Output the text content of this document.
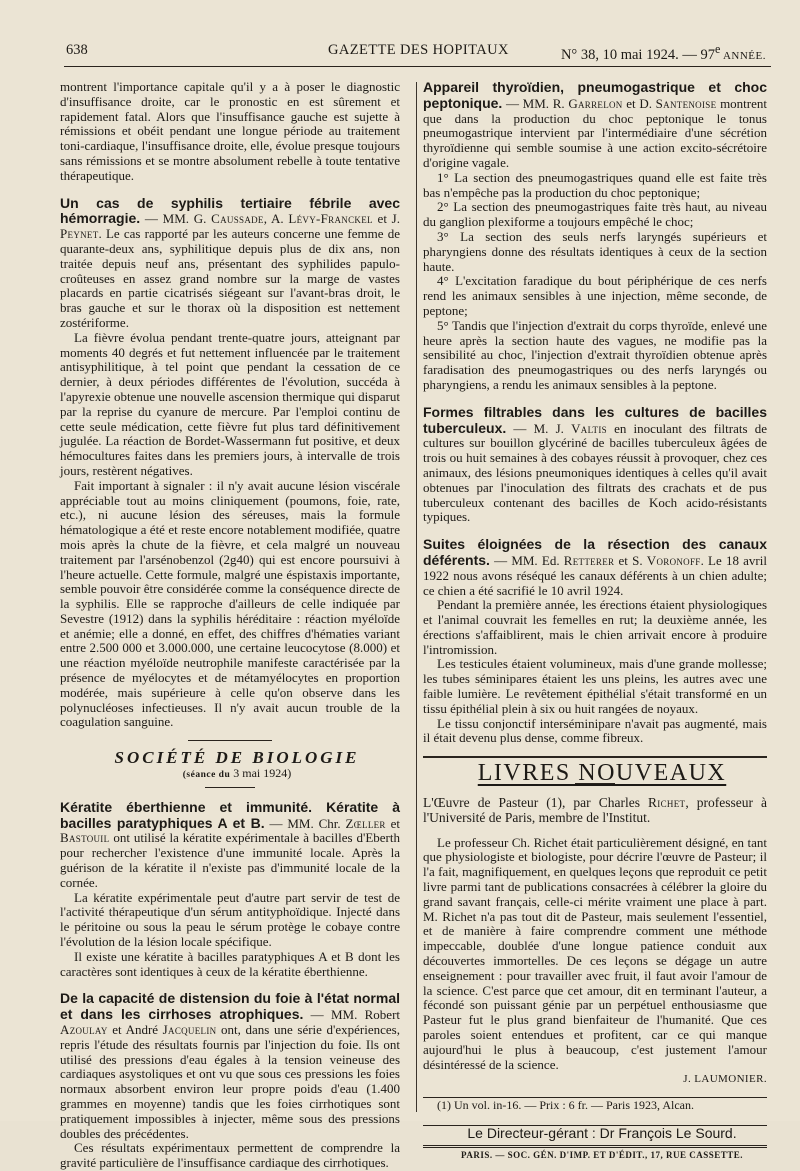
638	GAZETTE DES HOPITAUX	N° 38, 10 mai 1924. — 97e ANNÉE.

montrent l'importance capitale qu'il y a à poser le diagnostic d'insuffisance droite, car le pronostic en est sûrement et rapidement fatal. Alors que l'insuffisance gauche est sujette à rémissions et obéit pendant une longue période au traitement toni-cardiaque, l'insuffisance droite, elle, évolue presque toujours sans rémissions et se montre absolument rebelle à toute tentative thérapeutique.

Un cas de syphilis tertiaire fébrile avec hémorragie. — MM. G. Caussade, A. Lévy-Franckel et J. Peynet. Le cas rapporté par les auteurs concerne une femme de quarante-deux ans, syphilitique depuis plus de dix ans, non traitée depuis neuf ans, présentant des syphilides papulo-croûteuses en assez grand nombre sur la marge de vastes placards en partie cicatrisés siégeant sur l'avant-bras droit, le bras gauche et sur le thorax où la disposition est nettement zostériforme.

La fièvre évolua pendant trente-quatre jours, atteignant par moments 40 degrés et fut nettement influencée par le traitement antisyphilitique, à tel point que pendant la cessation de ce dernier, à deux périodes différentes de l'évolution, succéda à l'apyrexie obtenue une nouvelle ascension thermique qui disparut par la reprise du cyanure de mercure. Par l'emploi continu de cette seule médication, cette fièvre fut plus tard définitivement jugulée. La réaction de Bordet-Wassermann fut positive, et deux hémocultures faites dans les premiers jours, à intervalle de trois jours, restèrent négatives.

Fait important à signaler : il n'y avait aucune lésion viscérale appréciable tout au moins cliniquement (poumons, foie, rate, etc.), ni aucune lésion des séreuses, mais la formule hématologique a été et reste encore notablement modifiée, quatre mois après la chute de la fièvre, et cela malgré un nouveau traitement par l'arsénobenzol (2g40) qui est encore poursuivi à l'heure actuelle. Cette formule, malgré une éspistaxis importante, semble pouvoir être considérée comme la conséquence directe de la syphilis. Elle se rapproche d'ailleurs de celle indiquée par Sevestre (1912) dans la syphilis héréditaire : réaction myéloïde et anémie; elle a donné, en effet, des chiffres d'hématies variant entre 2.500 000 et 3.000.000, une certaine leucocytose (8.000) et une réaction myéloïde neutrophile manifeste caractérisée par la présence de myélocytes et de métamyélocytes en proportion modérée, mais supérieure à celle qu'on observe dans les polynucléoses infectieuses. Il n'y avait aucun trouble de la coagulation sanguine.

SOCIÉTÉ DE BIOLOGIE

(séance du 3 mai 1924)

Kératite éberthienne et immunité. Kératite à bacilles paratyphiques A et B. — MM. Chr. Zœller et Bastouil ont utilisé la kératite expérimentale à bacilles d'Eberth pour rechercher l'existence d'une immunité locale. Après la guérison de la kératite il n'existe pas d'immunité locale de la cornée.

La kératite expérimentale peut d'autre part servir de test de l'activité thérapeutique d'un sérum antityphoïdique. Injecté dans le péritoine ou sous la peau le sérum protège le cobaye contre l'évolution de la lésion locale spécifique.

Il existe une kératite à bacilles paratyphiques A et B dont les caractères sont identiques à ceux de la kératite éberthienne.

De la capacité de distension du foie à l'état normal et dans les cirrhoses atrophiques. — MM. Robert Azoulay et André Jacquelin ont, dans une série d'expériences, repris l'étude des résultats fournis par l'injection du foie. Ils ont utilisé des pressions d'eau égales à la tension veineuse des cardiaques asystoliques et ont vu que sous ces pressions les foies normaux absorbent environ leur propre poids d'eau (1.400 grammes en moyenne) tandis que les foies cirrhotiques sont pratiquement impossibles à injecter, même sous des pressions doubles des précédentes.

Ces résultats expérimentaux permettent de comprendre la gravité particulière de l'insuffisance cardiaque des cirrhotiques.

Appareil thyroïdien, pneumogastrique et choc peptonique. — MM. R. Garrelon et D. Santenoise montrent que dans la production du choc peptonique le tonus pneumogastrique intervient par l'intermédiaire d'une sécrétion thyroïdienne qui semble soumise à une action excito-sécrétoire d'origine vagale.

1° La section des pneumogastriques quand elle est faite très bas n'empêche pas la production du choc peptonique;

2° La section des pneumogastriques faite très haut, au niveau du ganglion plexiforme a toujours empêché le choc;

3° La section des seuls nerfs laryngés supérieurs et pharyngiens donne des résultats identiques à ceux de la section haute.

4° L'excitation faradique du bout périphérique de ces nerfs rend les animaux sensibles à une injection, même seconde, de peptone;

5° Tandis que l'injection d'extrait du corps thyroïde, enlevé une heure après la section haute des vagues, ne modifie pas la sensibilité au choc, l'injection d'extrait thyroïdien obtenue après faradisation des pneumogastriques ou des nerfs laryngés ou pharyngiens, a rendu les animaux sensibles à la peptone.

Formes filtrables dans les cultures de bacilles tuberculeux. — M. J. Valtis en inoculant des filtrats de cultures sur bouillon glycériné de bacilles tuberculeux âgées de trois ou huit semaines à des cobayes réussit à provoquer, chez ces animaux, des lésions pneumoniques identiques à celles qu'il avait obtenues par l'inoculation des filtrats des crachats et de pus tuberculeux contenant des bacilles de Koch acido-résistants typiques.

Suites éloignées de la résection des canaux déférents. — MM. Ed. Retterer et S. Voronoff. Le 18 avril 1922 nous avons réséqué les canaux déférents à un chien adulte; ce chien a été sacrifié le 10 avril 1924.

Pendant la première année, les érections étaient physiologiques et l'animal couvrait les femelles en rut; la deuxième année, les érections s'affaiblirent, mais le chien arrivait encore à produire l'intromission.

Les testicules étaient volumineux, mais d'une grande mollesse; les tubes séminipares étaient les uns pleins, les autres avec une faible lumière. Le revêtement épithélial s'était transformé en un tissu épithélial plein à six ou huit rangées de noyaux.

Le tissu conjonctif interséminipare n'avait pas augmenté, mais il était devenu plus dense, comme fibreux.

LIVRES NOUVEAUX

L'Œuvre de Pasteur (1), par Charles Richet, professeur à l'Université de Paris, membre de l'Institut.

Le professeur Ch. Richet était particulièrement désigné, en tant que physiologiste et biologiste, pour décrire l'œuvre de Pasteur; il l'a fait, magnifiquement, en quelques leçons que reproduit ce petit livre parmi tant de publications consacrées à célébrer la gloire du grand savant français, celle-ci mérite vraiment une place à part. M. Richet n'a pas tout dit de Pasteur, mais seulement l'essentiel, et de manière à faire comprendre comment une méthode impeccable, doublée d'une longue patience conduit aux découvertes immortelles. De ces leçons se dégage un autre enseignement : pour travailler avec fruit, il faut avoir l'amour de la science. C'est parce que cet amour, dit en terminant l'auteur, a fécondé son puissant génie par un perpétuel enthousiasme que Pasteur fut le plus grand bienfaiteur de l'humanité. Que ces paroles soient entendues et profitent, car ce qui manque aujourd'hui le plus à beaucoup, c'est justement l'amour désintéressé de la science.

J. LAUMONIER.

(1) Un vol. in-16. — Prix : 6 fr. — Paris 1923, Alcan.

Le Directeur-gérant : Dr François Le Sourd.

PARIS. — SOC. GÉN. D'IMP. ET D'ÉDIT., 17, RUE CASSETTE.
